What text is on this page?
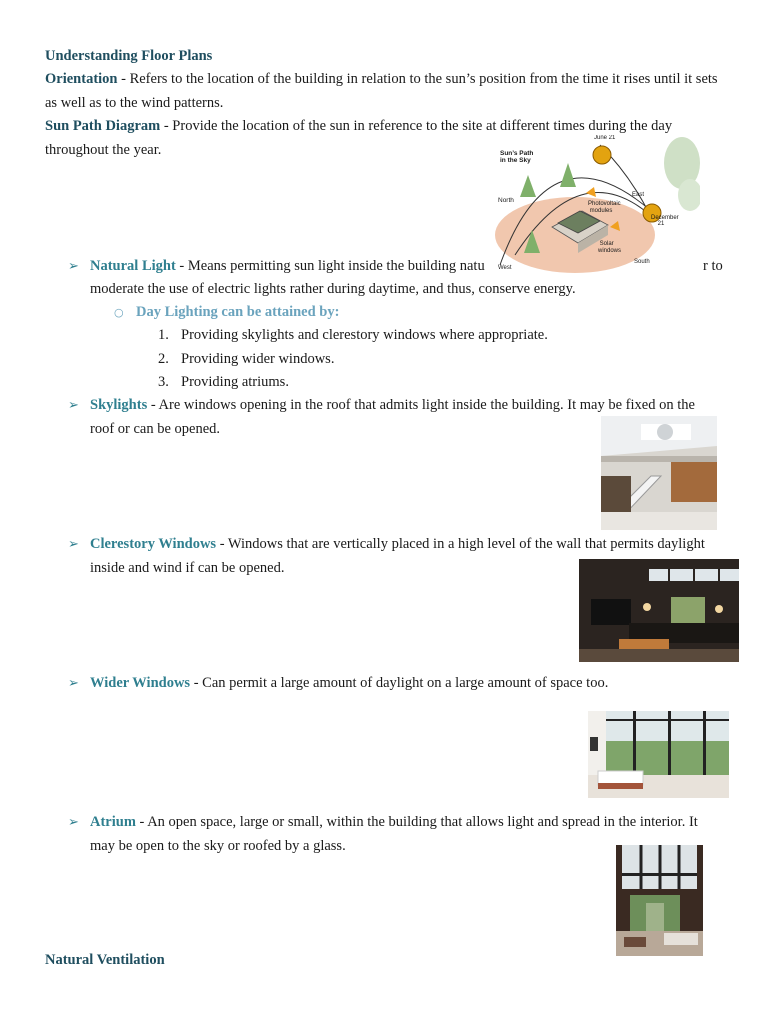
Understanding Floor Plans

Orientation - Refers to the location of the building in relation to the sun’s position from the time it rises until it sets as well as to the wind patterns.

Sun Path Diagram - Provide the location of the sun in reference to the site at different times during the day throughout the year.

➢ Natural Light - Means permitting sun light inside the building natu	r to

moderate the use of electric lights rather during daytime, and thus, conserve energy.

Sun’s Path
in the Sky
June 21
East
North
December
21
Photovoltaic
modules
Solar
windows
South
West
○ Day Lighting can be attained by:

1. Providing skylights and clerestory windows where appropriate.
2. Providing wider windows.
3. Providing atriums.
➢ Skylights - Are windows opening in the roof that admits light inside the building. It may be fixed on the roof or can be opened.

➢ Clerestory Windows - Windows that are vertically placed in a high level of the wall that permits daylight inside and wind if can be opened.

➢ Wider Windows - Can permit a large amount of daylight on a large amount of space too.

➢ Atrium - An open space, large or small, within the building that allows light and spread in the interior. It may be open to the sky or roofed by a glass.

Natural Ventilation
